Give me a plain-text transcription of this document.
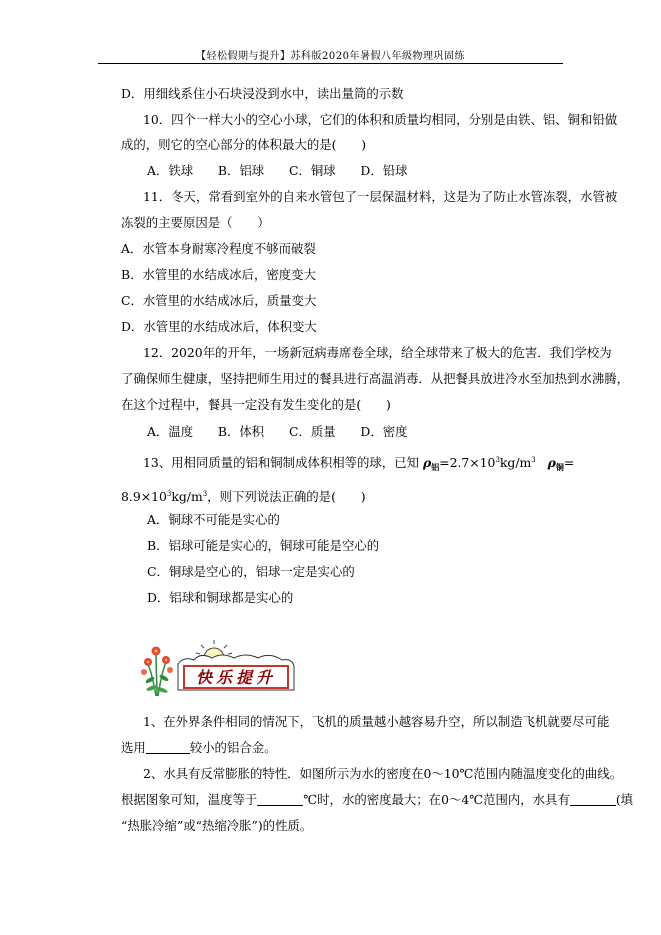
【轻松假期与提升】苏科版2020年暑假八年级物理巩固练
D．用细线系住小石块浸没到水中，读出量筒的示数
10．四个一样大小的空心小球，它们的体积和质量均相同，分别是由铁、铝、铜和铅做
成的，则它的空心部分的体积最大的是(　　)
A．铁球　　B．铝球　　C．铜球　　D．铅球
11．冬天，常看到室外的自来水管包了一层保温材料，这是为了防止水管冻裂，水管被
冻裂的主要原因是（　　）
A．水管本身耐寒冷程度不够而破裂
B．水管里的水结成冰后，密度变大
C．水管里的水结成冰后，质量变大
D．水管里的水结成冰后，体积变大
12．2020年的开年，一场新冠病毒席卷全球，给全球带来了极大的危害．我们学校为
了确保师生健康，坚持把师生用过的餐具进行高温消毒．从把餐具放进冷水至加热到水沸腾，
在这个过程中，餐具一定没有发生变化的是(　　)
A．温度　　B．体积　　C．质量　　D．密度
13、用相同质量的铝和铜制成体积相等的球，已知 $\rho_铝=2.7\times 10^3kg/m^3$ $\rho_铜=$
$8.9\times 10^3kg/m^3$，则下列说法正确的是(　　)
A．铜球不可能是实心的
B．铝球可能是实心的，铜球可能是空心的
C．铜球是空心的，铝球一定是实心的
D．铝球和铜球都是实心的
快乐提升
1、在外界条件相同的情况下，飞机的质量越小越容易升空，所以制造飞机就要尽可能
选用	较小的铝合金。
2、水具有反常膨胀的特性．如图所示为水的密度在0～10℃范围内随温度变化的曲线。
根据图象可知，温度等于	℃时，水的密度最大；在0～4℃范围内，水具有	(填
“热胀冷缩”或“热缩冷胀”)的性质。
